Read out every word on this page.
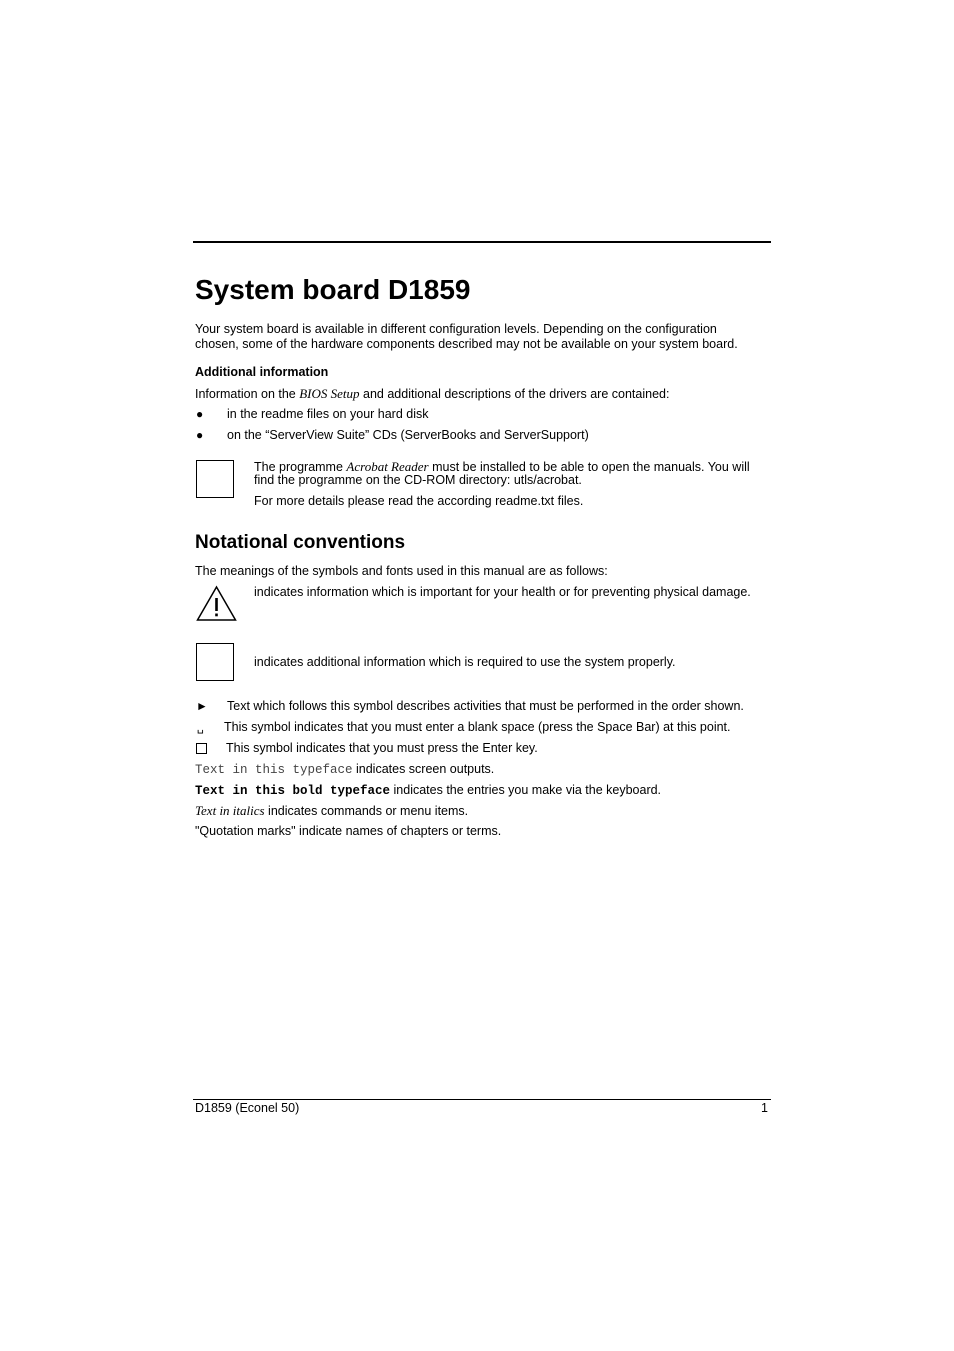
System board D1859
Your system board is available in different configuration levels. Depending on the configuration
chosen, some of the hardware components described may not be available on your system board.
Additional information
Information on the BIOS Setup and additional descriptions of the drivers are contained:
● in the readme files on your hard disk
● on the “ServerView Suite” CDs (ServerBooks and ServerSupport)
The programme Acrobat Reader must be installed to be able to open the manuals. You will
find the programme on the CD-ROM directory: utls/acrobat.
For more details please read the according readme.txt files.
Notational conventions
The meanings of the symbols and fonts used in this manual are as follows:
indicates information which is important for your health or for preventing physical damage.
indicates additional information which is required to use the system properly.
► Text which follows this symbol describes activities that must be performed in the order shown.
␣ This symbol indicates that you must enter a blank space (press the Space Bar) at this point.
This symbol indicates that you must press the Enter key.
Text in this typeface indicates screen outputs.
Text in this bold typeface indicates the entries you make via the keyboard.
Text in italics indicates commands or menu items.
"Quotation marks" indicate names of chapters or terms.
D1859 (Econel 50)	1
